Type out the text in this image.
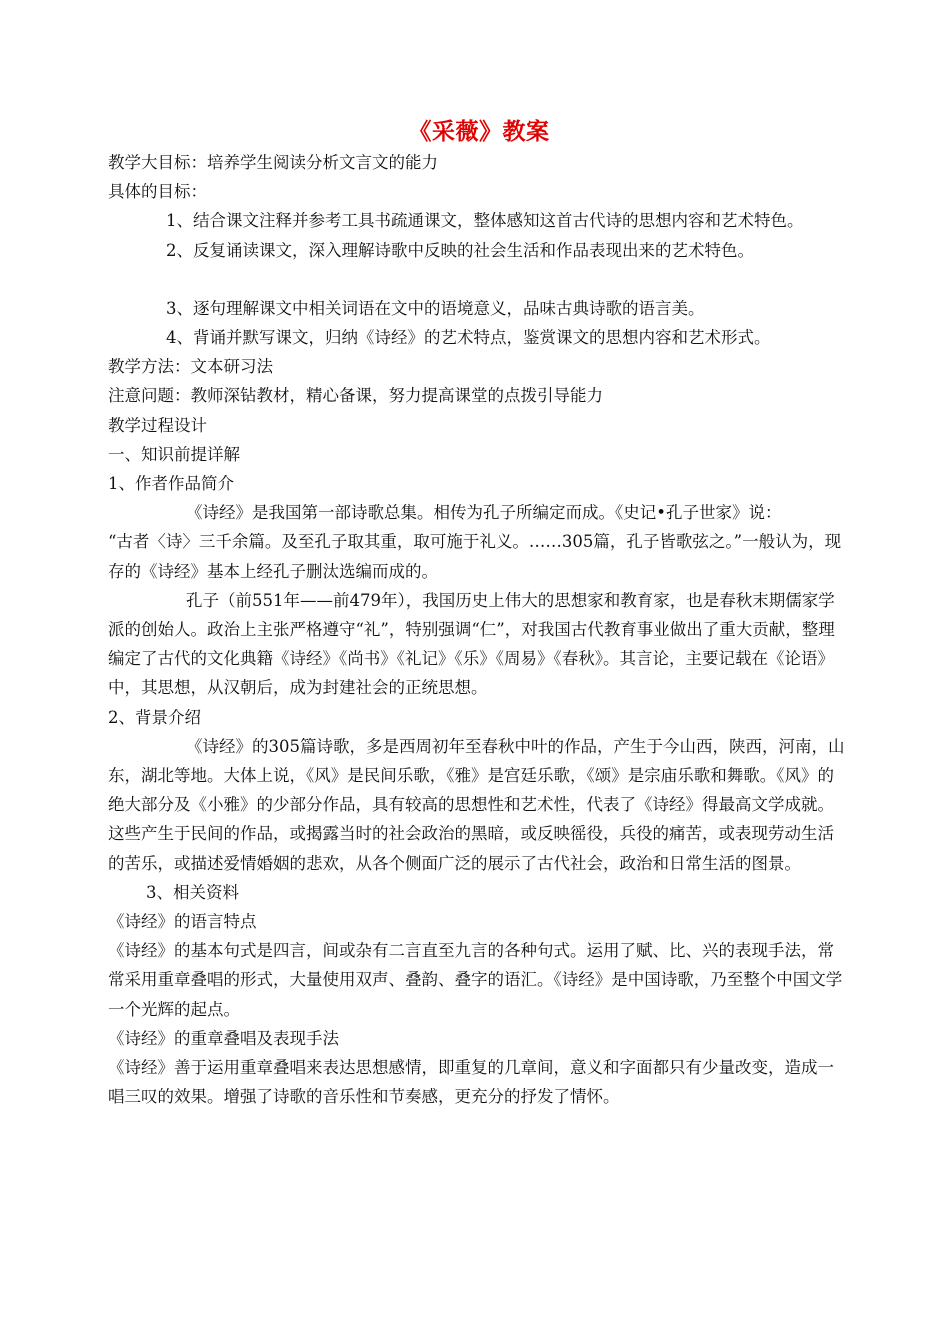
《采薇》教案

教学大目标：培养学生阅读分析文言文的能力

具体的目标：

1、结合课文注释并参考工具书疏通课文，整体感知这首古代诗的思想内容和艺术特色。

2、反复诵读课文，深入理解诗歌中反映的社会生活和作品表现出来的艺术特色。

3、逐句理解课文中相关词语在文中的语境意义，品味古典诗歌的语言美。

4、背诵并默写课文，归纳《诗经》的艺术特点，鉴赏课文的思想内容和艺术形式。

教学方法：文本研习法

注意问题：教师深钻教材，精心备课，努力提高课堂的点拨引导能力

教学过程设计

一、知识前提详解

1、作者作品简介

《诗经》是我国第一部诗歌总集。相传为孔子所编定而成。《史记•孔子世家》说：

“古者〈诗〉三千余篇。及至孔子取其重，取可施于礼义。……305篇，孔子皆歌弦之。”一般认为，现存的《诗经》基本上经孔子删汰选编而成的。

孔子（前551年——前479年），我国历史上伟大的思想家和教育家，也是春秋末期儒家学派的创始人。政治上主张严格遵守“礼”，特别强调“仁”，对我国古代教育事业做出了重大贡献，整理编定了古代的文化典籍《诗经》《尚书》《礼记》《乐》《周易》《春秋》。其言论，主要记载在《论语》中，其思想，从汉朝后，成为封建社会的正统思想。

2、背景介绍

《诗经》的305篇诗歌，多是西周初年至春秋中叶的作品，产生于今山西，陕西，河南，山东，湖北等地。大体上说，《风》是民间乐歌，《雅》是宫廷乐歌，《颂》是宗庙乐歌和舞歌。《风》的绝大部分及《小雅》的少部分作品，具有较高的思想性和艺术性，代表了《诗经》得最高文学成就。这些产生于民间的作品，或揭露当时的社会政治的黑暗，或反映徭役，兵役的痛苦，或表现劳动生活的苦乐，或描述爱情婚姻的悲欢，从各个侧面广泛的展示了古代社会，政治和日常生活的图景。

3、相关资料

《诗经》的语言特点

《诗经》的基本句式是四言，间或杂有二言直至九言的各种句式。运用了赋、比、兴的表现手法，常常采用重章叠唱的形式，大量使用双声、叠韵、叠字的语汇。《诗经》是中国诗歌，乃至整个中国文学一个光辉的起点。

《诗经》的重章叠唱及表现手法

《诗经》善于运用重章叠唱来表达思想感情，即重复的几章间，意义和字面都只有少量改变，造成一唱三叹的效果。增强了诗歌的音乐性和节奏感，更充分的抒发了情怀。
